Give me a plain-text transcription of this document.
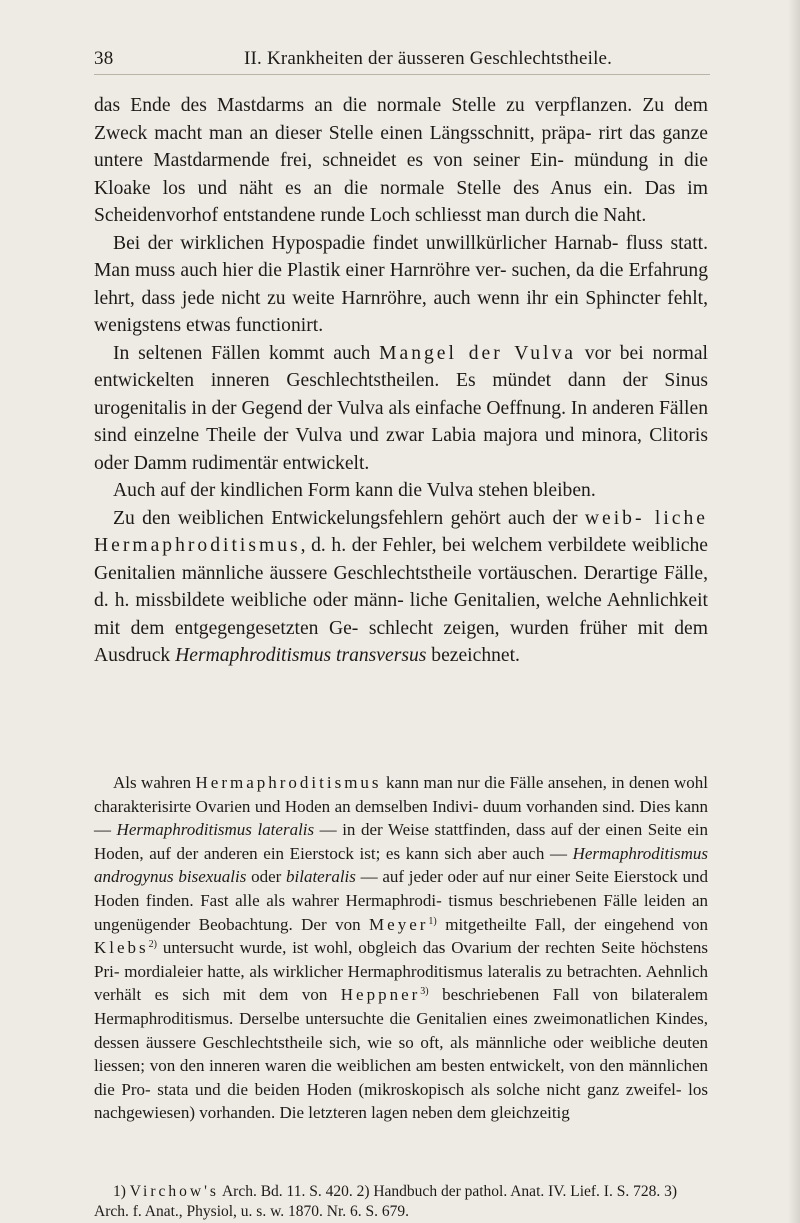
38	II. Krankheiten der äusseren Geschlechtstheile.

das Ende des Mastdarms an die normale Stelle zu verpflanzen. Zu dem Zweck macht man an dieser Stelle einen Längsschnitt, präpa- rirt das ganze untere Mastdarmende frei, schneidet es von seiner Ein- mündung in die Kloake los und näht es an die normale Stelle des Anus ein. Das im Scheidenvorhof entstandene runde Loch schliesst man durch die Naht.

Bei der wirklichen Hypospadie findet unwillkürlicher Harnab- fluss statt. Man muss auch hier die Plastik einer Harnröhre ver- suchen, da die Erfahrung lehrt, dass jede nicht zu weite Harnröhre, auch wenn ihr ein Sphincter fehlt, wenigstens etwas functionirt.

In seltenen Fällen kommt auch Mangel der Vulva vor bei normal entwickelten inneren Geschlechtstheilen. Es mündet dann der Sinus urogenitalis in der Gegend der Vulva als einfache Oeffnung. In anderen Fällen sind einzelne Theile der Vulva und zwar Labia majora und minora, Clitoris oder Damm rudimentär entwickelt.

Auch auf der kindlichen Form kann die Vulva stehen bleiben.

Zu den weiblichen Entwickelungsfehlern gehört auch der weib- liche Hermaphroditismus, d. h. der Fehler, bei welchem verbildete weibliche Genitalien männliche äussere Geschlechtstheile vortäuschen. Derartige Fälle, d. h. missbildete weibliche oder männ- liche Genitalien, welche Aehnlichkeit mit dem entgegengesetzten Ge- schlecht zeigen, wurden früher mit dem Ausdruck Hermaphroditismus transversus bezeichnet.

Als wahren Hermaphroditismus kann man nur die Fälle ansehen, in denen wohl charakterisirte Ovarien und Hoden an demselben Indivi- duum vorhanden sind. Dies kann — Hermaphroditismus lateralis — in der Weise stattfinden, dass auf der einen Seite ein Hoden, auf der anderen ein Eierstock ist; es kann sich aber auch — Hermaphroditismus androgynus bisexualis oder bilateralis — auf jeder oder auf nur einer Seite Eierstock und Hoden finden. Fast alle als wahrer Hermaphrodi- tismus beschriebenen Fälle leiden an ungenügender Beobachtung. Der von Meyer$^{1)}$ mitgetheilte Fall, der eingehend von Klebs$^{2)}$ untersucht wurde, ist wohl, obgleich das Ovarium der rechten Seite höchstens Pri- mordialeier hatte, als wirklicher Hermaphroditismus lateralis zu betrachten. Aehnlich verhält es sich mit dem von Heppner$^{3)}$ beschriebenen Fall von bilateralem Hermaphroditismus. Derselbe untersuchte die Genitalien eines zweimonatlichen Kindes, dessen äussere Geschlechtstheile sich, wie so oft, als männliche oder weibliche deuten liessen; von den inneren waren die weiblichen am besten entwickelt, von den männlichen die Pro- stata und die beiden Hoden (mikroskopisch als solche nicht ganz zweifel- los nachgewiesen) vorhanden. Die letzteren lagen neben dem gleichzeitig

1) Virchow's Arch. Bd. 11. S. 420. 2) Handbuch der pathol. Anat. IV. Lief. I. S. 728. 3) Arch. f. Anat., Physiol, u. s. w. 1870. Nr. 6. S. 679.
